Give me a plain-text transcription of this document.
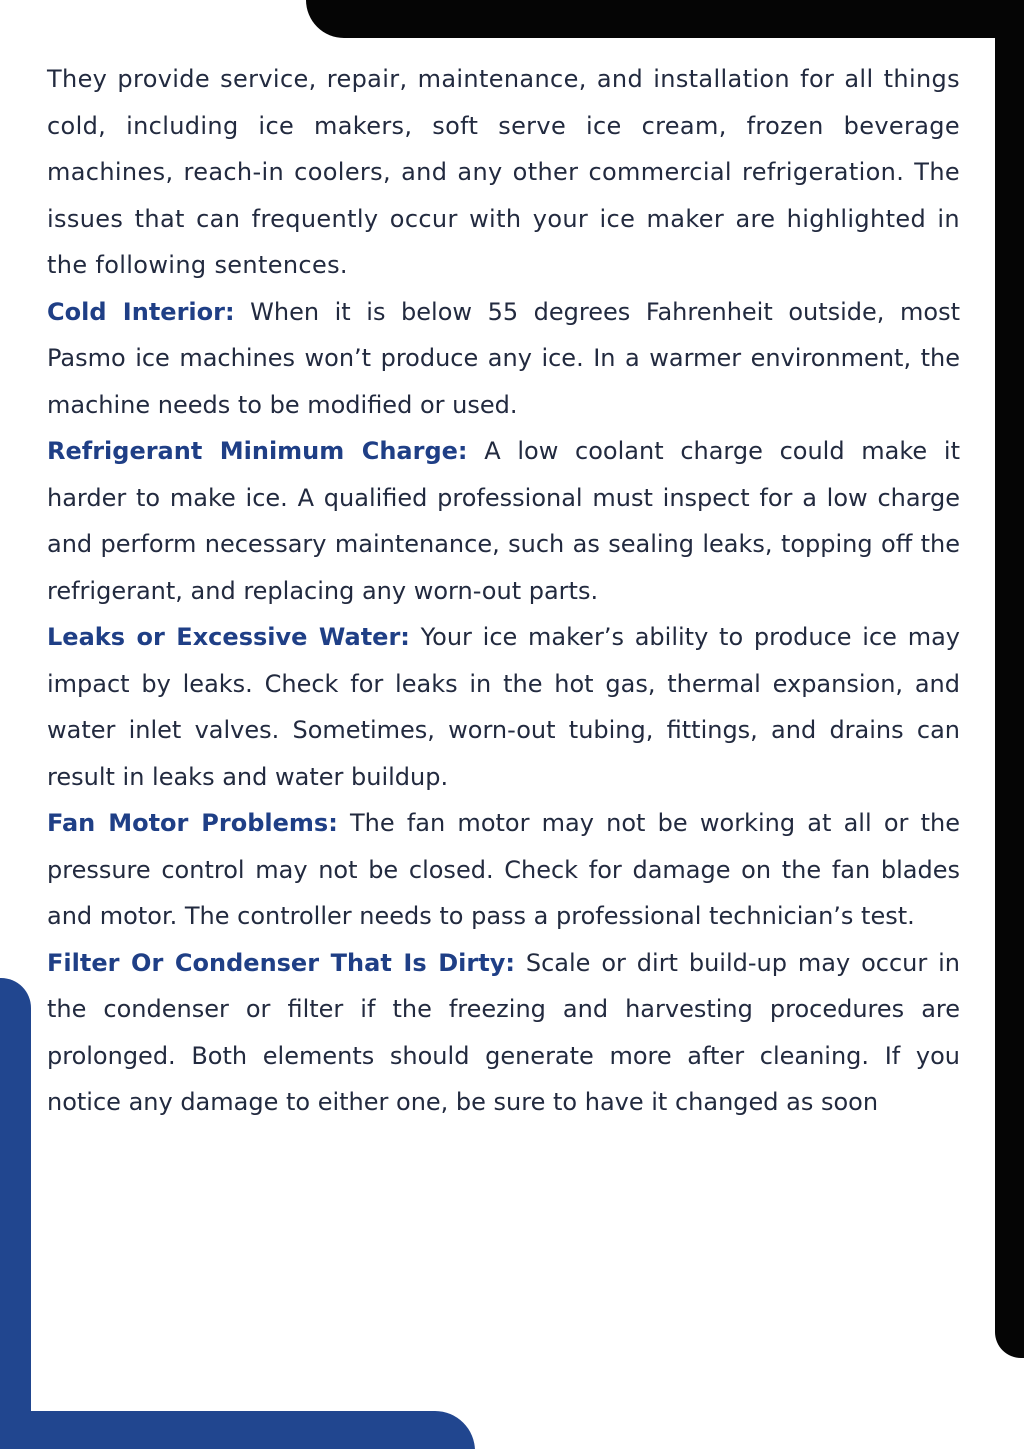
They provide service, repair, maintenance, and installation for all things cold, including ice makers, soft serve ice cream, frozen beverage machines, reach-in coolers, and any other commercial refrigeration. The issues that can frequently occur with your ice maker are highlighted in the following sentences.

Cold Interior: When it is below 55 degrees Fahrenheit outside, most Pasmo ice machines won’t produce any ice. In a warmer environment, the machine needs to be modified or used.

Refrigerant Minimum Charge: A low coolant charge could make it harder to make ice. A qualified professional must inspect for a low charge and perform necessary maintenance, such as sealing leaks, topping off the refrigerant, and replacing any worn-out parts.

Leaks or Excessive Water: Your ice maker’s ability to produce ice may impact by leaks. Check for leaks in the hot gas, thermal expansion, and water inlet valves. Sometimes, worn-out tubing, fittings, and drains can result in leaks and water buildup.

Fan Motor Problems: The fan motor may not be working at all or the pressure control may not be closed. Check for damage on the fan blades and motor. The controller needs to pass a professional technician’s test.

Filter Or Condenser That Is Dirty: Scale or dirt build-up may occur in the condenser or filter if the freezing and harvesting procedures are prolonged. Both elements should generate more after cleaning. If you notice any damage to either one, be sure to have it changed as soon
